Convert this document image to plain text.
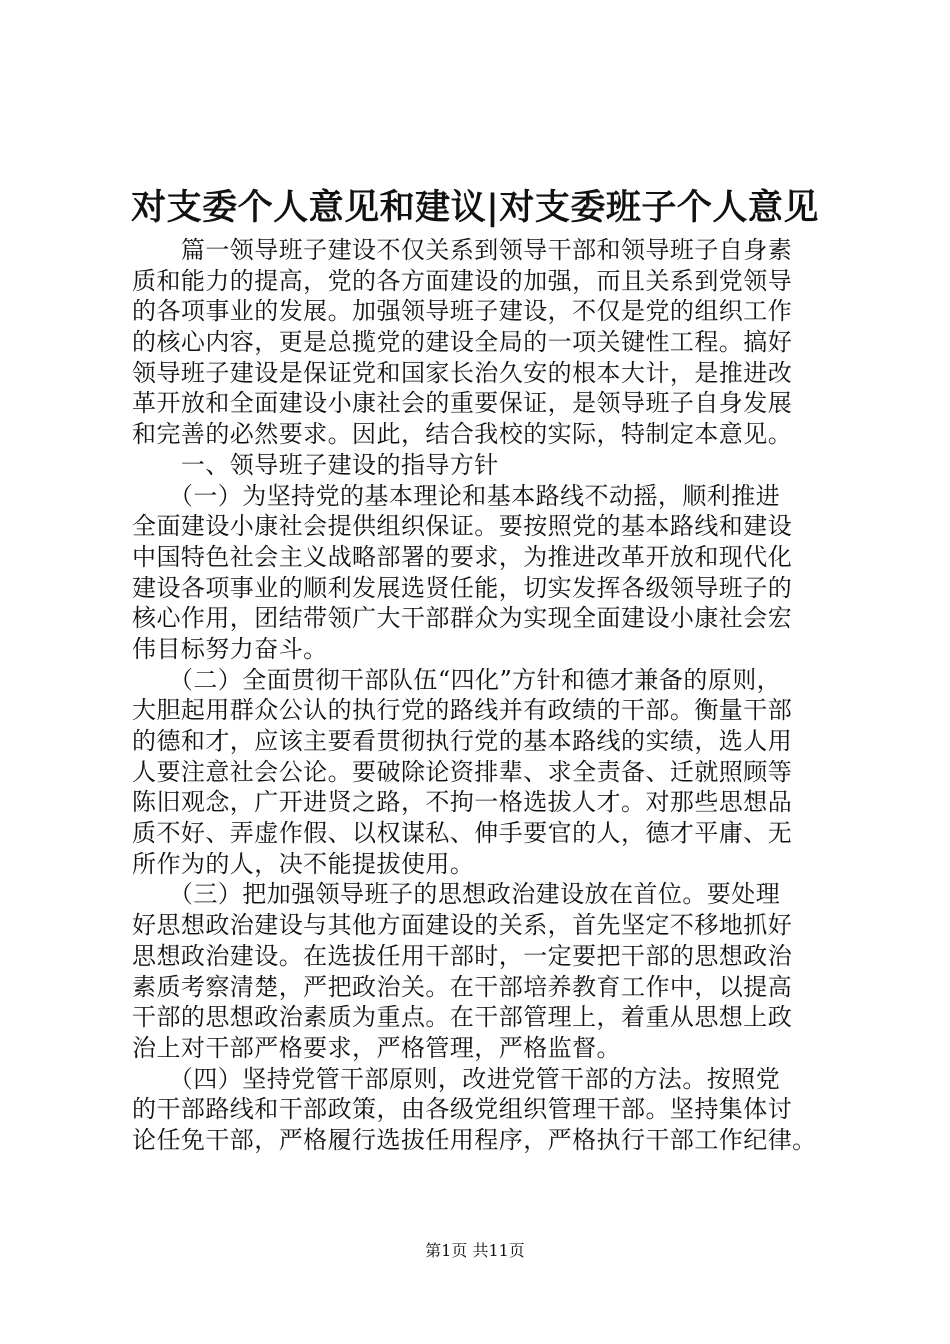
对支委个人意见和建议|对支委班子个人意见
　　篇一领导班子建设不仅关系到领导干部和领导班子自身素
质和能力的提高，党的各方面建设的加强，而且关系到党领导
的各项事业的发展。加强领导班子建设，不仅是党的组织工作
的核心内容，更是总揽党的建设全局的一项关键性工程。搞好
领导班子建设是保证党和国家长治久安的根本大计，是推进改
革开放和全面建设小康社会的重要保证，是领导班子自身发展
和完善的必然要求。因此，结合我校的实际，特制定本意见。
　　一、领导班子建设的指导方针
　　（一）为坚持党的基本理论和基本路线不动摇，顺利推进
全面建设小康社会提供组织保证。要按照党的基本路线和建设
中国特色社会主义战略部署的要求，为推进改革开放和现代化
建设各项事业的顺利发展选贤任能，切实发挥各级领导班子的
核心作用，团结带领广大干部群众为实现全面建设小康社会宏
伟目标努力奋斗。
　　（二）全面贯彻干部队伍“四化”方针和德才兼备的原则，
大胆起用群众公认的执行党的路线并有政绩的干部。衡量干部
的德和才，应该主要看贯彻执行党的基本路线的实绩，选人用
人要注意社会公论。要破除论资排辈、求全责备、迁就照顾等
陈旧观念，广开进贤之路，不拘一格选拔人才。对那些思想品
质不好、弄虚作假、以权谋私、伸手要官的人，德才平庸、无
所作为的人，决不能提拔使用。
　　（三）把加强领导班子的思想政治建设放在首位。要处理
好思想政治建设与其他方面建设的关系，首先坚定不移地抓好
思想政治建设。在选拔任用干部时，一定要把干部的思想政治
素质考察清楚，严把政治关。在干部培养教育工作中，以提高
干部的思想政治素质为重点。在干部管理上，着重从思想上政
治上对干部严格要求，严格管理，严格监督。
　　（四）坚持党管干部原则，改进党管干部的方法。按照党
的干部路线和干部政策，由各级党组织管理干部。坚持集体讨
论任免干部，严格履行选拔任用程序，严格执行干部工作纪律。
第1页 共11页
